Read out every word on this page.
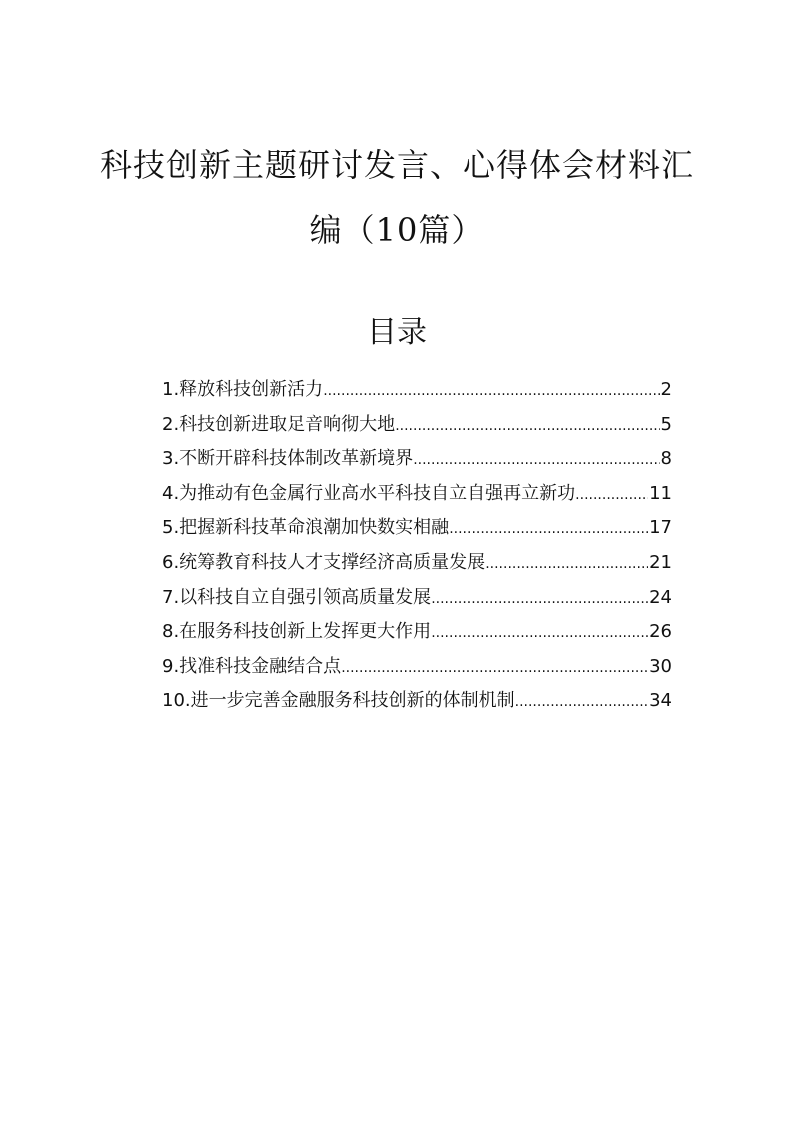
科技创新主题研讨发言、心得体会材料汇
编（10篇）
目录
1.释放科技创新活力 .....	2
2.科技创新进取足音响彻大地 .....	5
3.不断开辟科技体制改革新境界 .....	8
4.为推动有色金属行业高水平科技自立自强再立新功 .....	11
5.把握新科技革命浪潮加快数实相融 .....	17
6.统筹教育科技人才支撑经济高质量发展 .....	21
7.以科技自立自强引领高质量发展 .....	24
8.在服务科技创新上发挥更大作用 .....	26
9.找准科技金融结合点 .....	30
10.进一步完善金融服务科技创新的体制机制 .....	34
